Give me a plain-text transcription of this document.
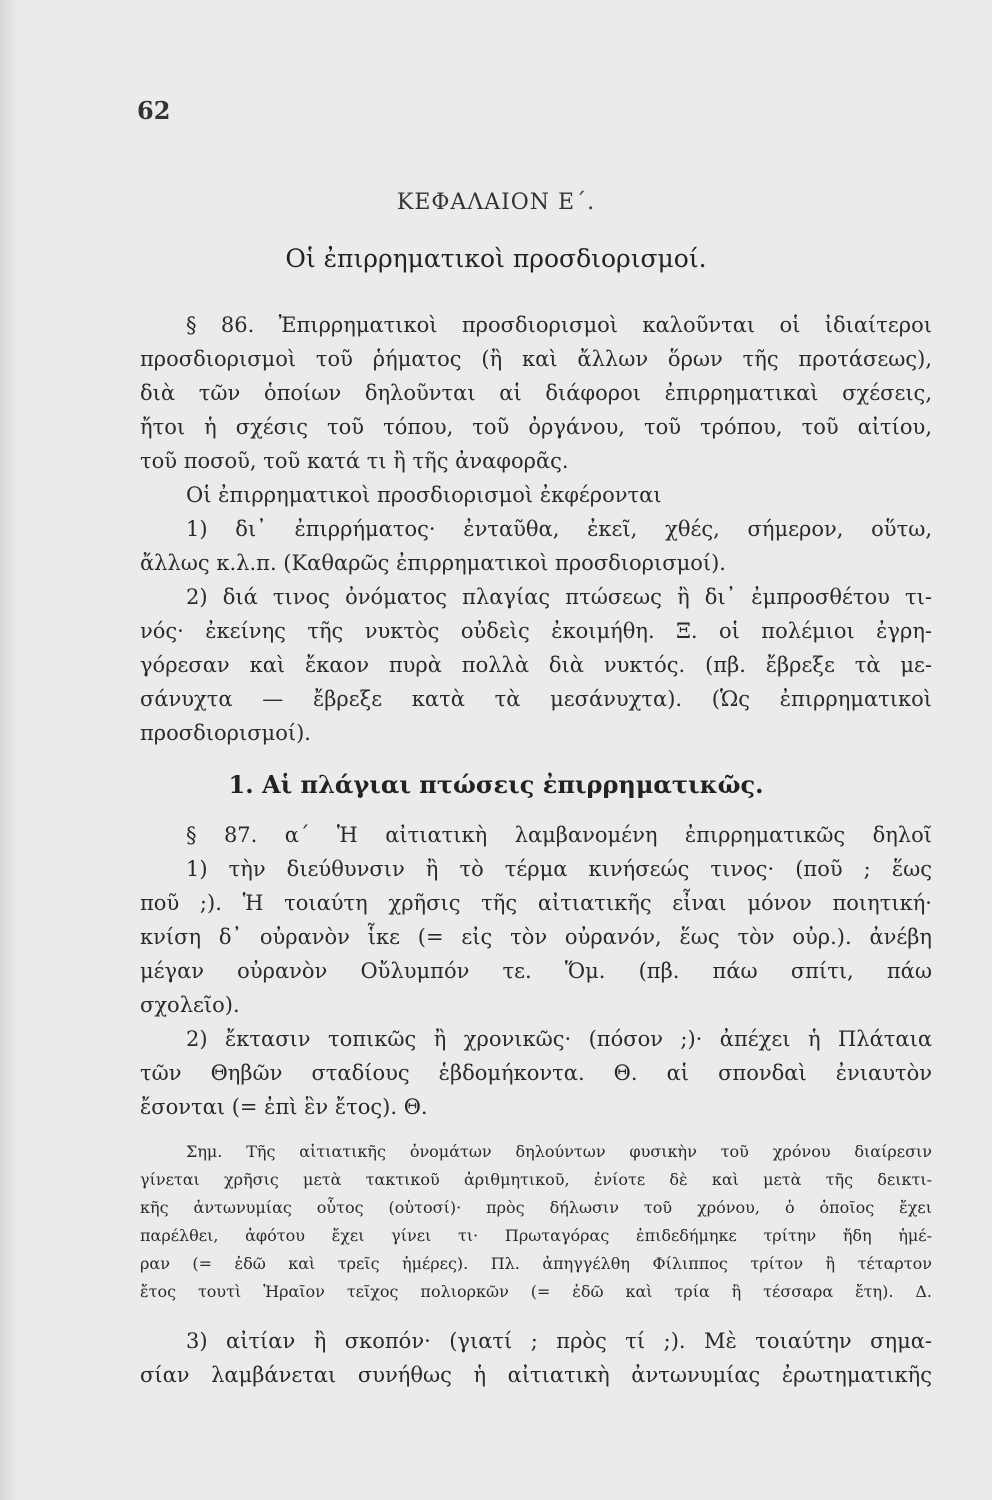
62
ΚΕΦΑΛΑΙΟΝ Ε΄.
Οἱ ἐπιρρηματικοὶ προσδιορισμοί.
§ 86. Ἐπιρρηματικοὶ προσδιορισμοὶ καλοῦνται οἱ ἰδιαίτεροι
προσδιορισμοὶ τοῦ ῥήματος (ἢ καὶ ἄλλων ὅρων τῆς προτάσεως),
διὰ τῶν ὁποίων δηλοῦνται αἱ διάφοροι ἐπιρρηματικαὶ σχέσεις,
ἤτοι ἡ σχέσις τοῦ τόπου, τοῦ ὀργάνου, τοῦ τρόπου, τοῦ αἰτίου,
τοῦ ποσοῦ, τοῦ κατά τι ἢ τῆς ἀναφορᾶς.
Οἱ ἐπιρρηματικοὶ προσδιορισμοὶ ἐκφέρονται
1) δι᾽ ἐπιρρήματος· ἐνταῦθα, ἐκεῖ, χθές, σήμερον, οὕτω,
ἄλλως κ.λ.π. (Καθαρῶς ἐπιρρηματικοὶ προσδιορισμοί).
2) διά τινος ὀνόματος πλαγίας πτώσεως ἢ δι᾽ ἐμπροσθέτου τι-
νός· ἐκείνης τῆς νυκτὸς οὐδεὶς ἐκοιμήθη. Ξ. οἱ πολέμιοι ἐγρη-
γόρεσαν καὶ ἔκαον πυρὰ πολλὰ διὰ νυκτός. (πβ. ἔβρεξε τὰ με-
σάνυχτα — ἔβρεξε κατὰ τὰ μεσάνυχτα). (Ὡς ἐπιρρηματικοὶ
προσδιορισμοί).
1. Αἱ πλάγιαι πτώσεις ἐπιρρηματικῶς.
§ 87. α΄ Ἡ αἰτιατικὴ λαμβανομένη ἐπιρρηματικῶς δηλοῖ
1) τὴν διεύθυνσιν ἢ τὸ τέρμα κινήσεώς τινος· (ποῦ ; ἕως
ποῦ ;). Ἡ τοιαύτη χρῆσις τῆς αἰτιατικῆς εἶναι μόνον ποιητική·
κνίση δ᾽ οὐρανὸν ἷκε (= εἰς τὸν οὐρανόν, ἕως τὸν οὐρ.). ἀνέβη
μέγαν οὐρανὸν Οὔλυμπόν τε. Ὅμ. (πβ. πάω σπίτι, πάω
σχολεῖο).
2) ἔκτασιν τοπικῶς ἢ χρονικῶς· (πόσον ;)· ἀπέχει ἡ Πλάταια
τῶν Θηβῶν σταδίους ἑβδομήκοντα. Θ. αἱ σπονδαὶ ἐνιαυτὸν
ἔσονται (= ἐπὶ ἓν ἔτος). Θ.
Σημ. Τῆς αἰτιατικῆς ὀνομάτων δηλούντων φυσικὴν τοῦ χρόνου διαίρεσιν
γίνεται χρῆσις μετὰ τακτικοῦ ἀριθμητικοῦ, ἐνίοτε δὲ καὶ μετὰ τῆς δεικτι-
κῆς ἀντωνυμίας οὗτος (οὑτοσί)· πρὸς δήλωσιν τοῦ χρόνου, ὁ ὁποῖος ἔχει
παρέλθει, ἀφότου ἔχει γίνει τι· Πρωταγόρας ἐπιδεδήμηκε τρίτην ἤδη ἡμέ-
ραν (= ἐδῶ καὶ τρεῖς ἡμέρες). Πλ. ἀπηγγέλθη Φίλιππος τρίτον ἢ τέταρτον
ἔτος τουτὶ Ἡραῖον τεῖχος πολιορκῶν (= ἐδῶ καὶ τρία ἢ τέσσαρα ἔτη). Δ.
3) αἰτίαν ἢ σκοπόν· (γιατί ; πρὸς τί ;). Μὲ τοιαύτην σημα-
σίαν λαμβάνεται συνήθως ἡ αἰτιατικὴ ἀντωνυμίας ἐρωτηματικῆς
